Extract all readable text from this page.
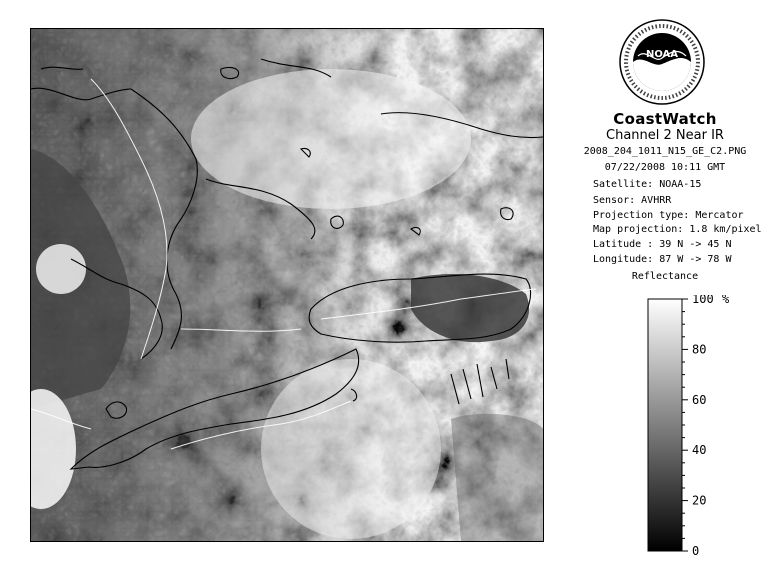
NOAA
CoastWatch
Channel 2 Near IR
2008_204_1011_N15_GE_C2.PNG
07/22/2008 10:11 GMT
Satellite: NOAA-15
Sensor: AVHRR
Projection type: Mercator
Map projection: 1.8 km/pixel
Latitude : 39 N -> 45 N
Longitude: 87 W -> 78 W
Reflectance
0
20
40
60
80
100 %
